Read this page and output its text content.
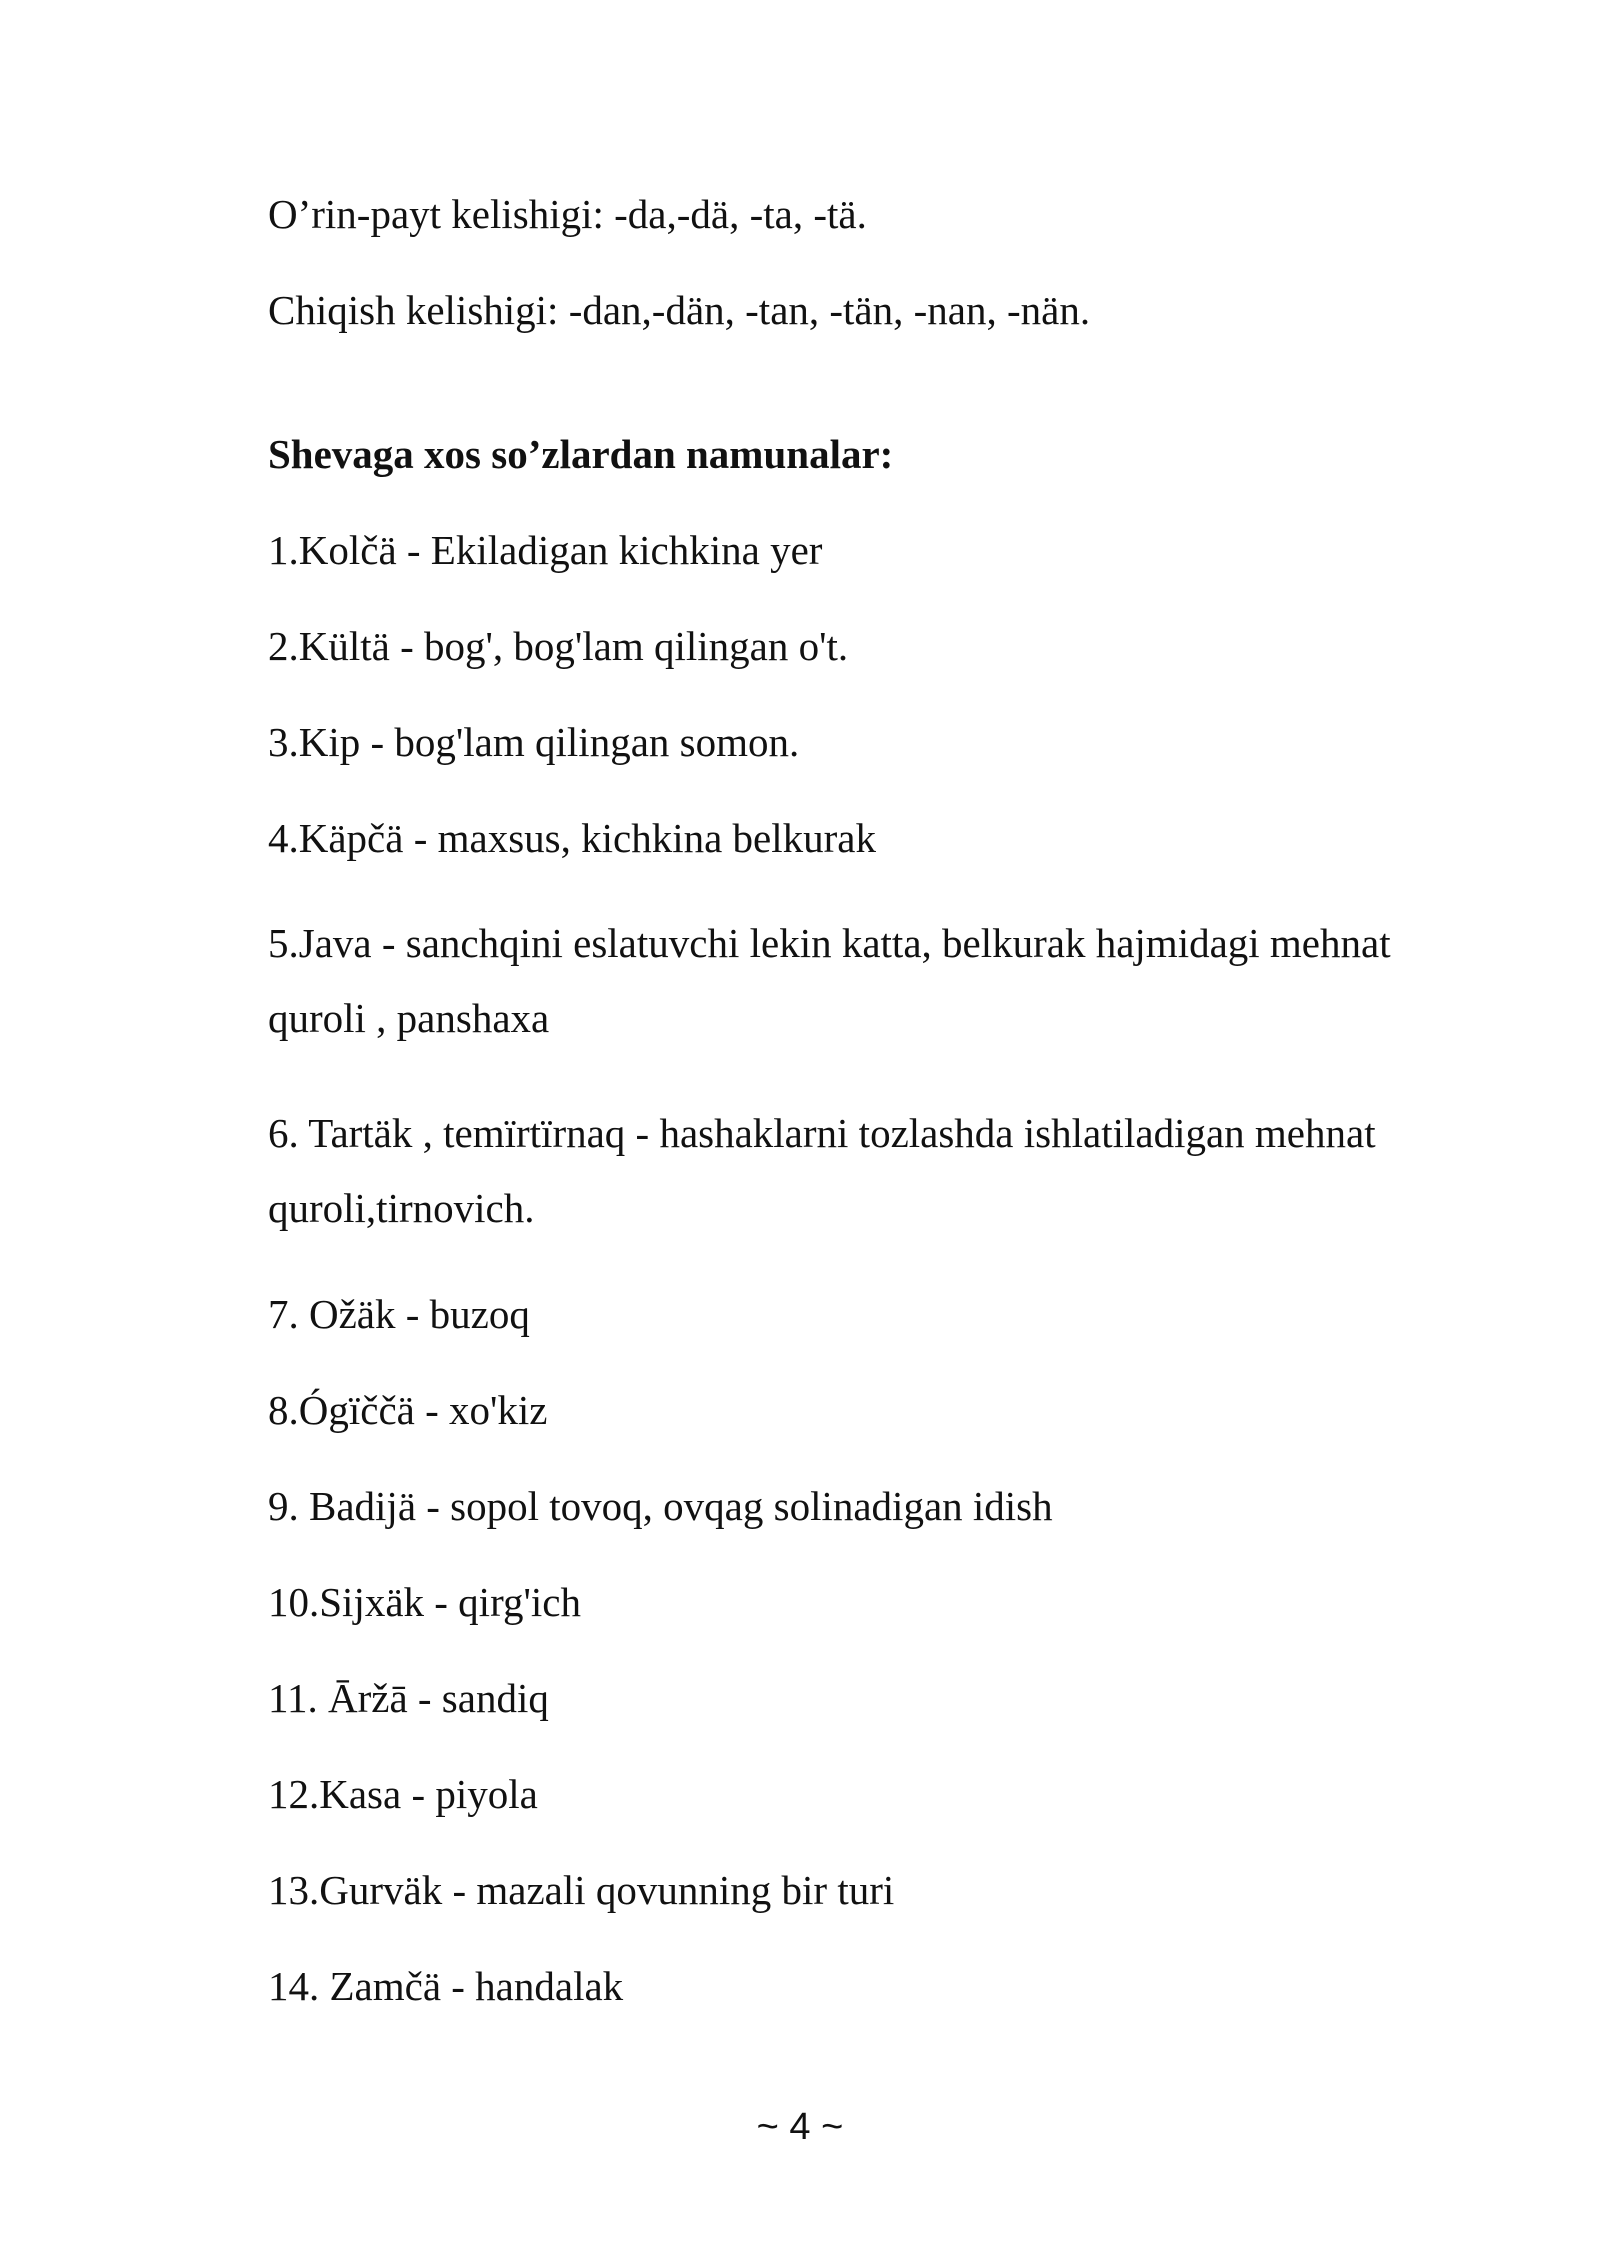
O’rin-payt kelishigi: -da,-dä, -ta, -tä.

Chiqish kelishigi: -dan,-dän, -tan, -tän, -nan, -nän.

Shevaga xos so’zlardan namunalar:

1.Kolčä - Ekiladigan kichkina yer

2.Kültä - bog', bog'lam qilingan o't.

3.Kip - bog'lam qilingan somon.

4.Käpčä - maxsus, kichkina belkurak

5.Java - sanchqini eslatuvchi lekin katta, belkurak hajmidagi mehnat quroli , panshaxa

6. Tartäk , temïrtïrnaq - hashaklarni tozlashda ishlatiladigan mehnat quroli,tirnovich.

7. Ožäk - buzoq

8.Ógïččä - xo'kiz

9. Badijä - sopol tovoq, ovqag solinadigan idish

10.Sijxäk - qirg'ich

11. Āržā - sandiq

12.Kasa - piyola

13.Gurväk - mazali qovunning bir turi

14. Zamčä - handalak

~ 4 ~
